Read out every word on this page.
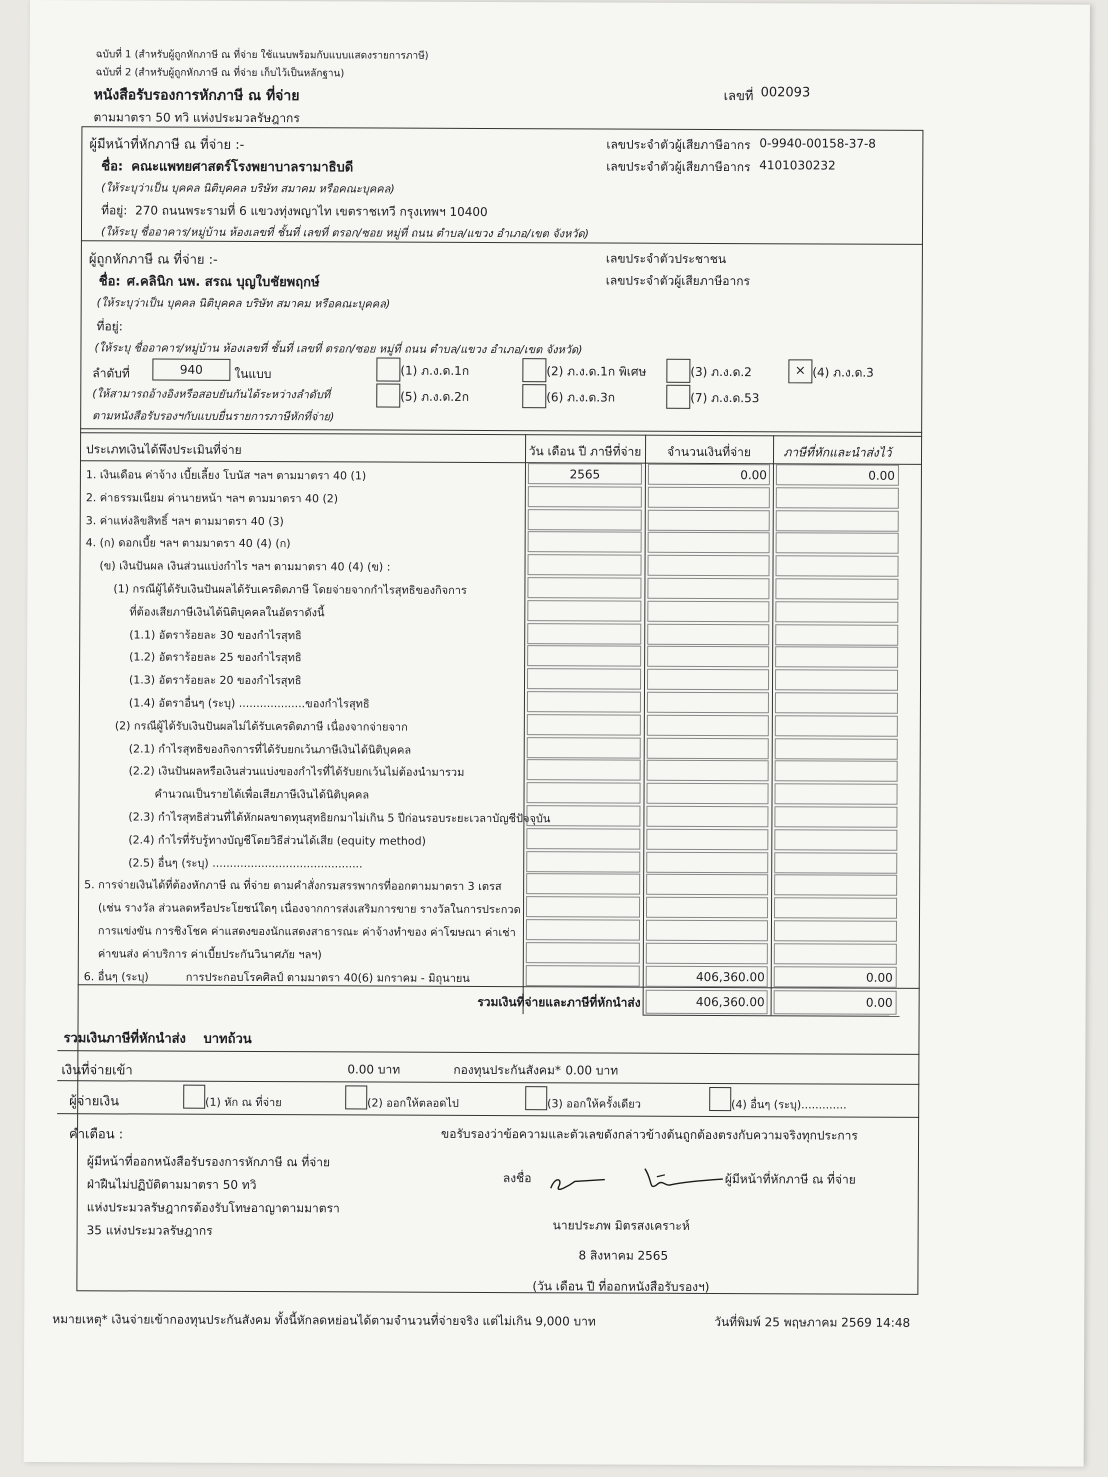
ฉบับที่ 1 (สำหรับผู้ถูกหักภาษี ณ ที่จ่าย ใช้แนบพร้อมกับแบบแสดงรายการภาษี)
ฉบับที่ 2 (สำหรับผู้ถูกหักภาษี ณ ที่จ่าย เก็บไว้เป็นหลักฐาน)
หนังสือรับรองการหักภาษี ณ ที่จ่าย	เลขที่ 002093
ตามมาตรา 50 ทวิ แห่งประมวลรัษฎากร
ผู้มีหน้าที่หักภาษี ณ ที่จ่าย :-	เลขประจำตัวผู้เสียภาษีอากร 0-9940-00158-37-8
เลขประจำตัวผู้เสียภาษีอากร 4101030232
ชื่อ: คณะแพทยศาสตร์โรงพยาบาลรามาธิบดี
(ให้ระบุว่าเป็น บุคคล นิติบุคคล บริษัท สมาคม หรือคณะบุคคล)
ที่อยู่: 270 ถนนพระรามที่ 6 แขวงทุ่งพญาไท เขตราชเทวี กรุงเทพฯ 10400
(ให้ระบุ ชื่ออาคาร/หมู่บ้าน ห้องเลขที่ ชั้นที่ เลขที่ ตรอก/ซอย หมู่ที่ ถนน ตำบล/แขวง อำเภอ/เขต จังหวัด)
ผู้ถูกหักภาษี ณ ที่จ่าย :-	เลขประจำตัวประชาชน
เลขประจำตัวผู้เสียภาษีอากร
ชื่อ: ศ.คลินิก นพ. สรณ บุญใบชัยพฤกษ์
(ให้ระบุว่าเป็น บุคคล นิติบุคคล บริษัท สมาคม หรือคณะบุคคล)
ที่อยู่:
(ให้ระบุ ชื่ออาคาร/หมู่บ้าน ห้องเลขที่ ชั้นที่ เลขที่ ตรอก/ซอย หมู่ที่ ถนน ตำบล/แขวง อำเภอ/เขต จังหวัด)
ลำดับที่	940	ในแบบ
(ให้สามารถอ้างอิงหรือสอบยันกันได้ระหว่างลำดับที่
ตามหนังสือรับรองฯกับแบบยื่นรายการภาษีหักที่จ่าย)
(1) ภ.ง.ด.1ก	(2) ภ.ง.ด.1ก พิเศษ	(3) ภ.ง.ด.2	× (4) ภ.ง.ด.3
(5) ภ.ง.ด.2ก	(6) ภ.ง.ด.3ก	(7) ภ.ง.ด.53
ประเภทเงินได้พึงประเมินที่จ่าย	วัน เดือน ปี ภาษีที่จ่าย	จำนวนเงินที่จ่าย	ภาษีที่หักและนำส่งไว้
1. เงินเดือน ค่าจ้าง เบี้ยเลี้ยง โบนัส ฯลฯ ตามมาตรา 40 (1)	2565	0.00	0.00
2. ค่าธรรมเนียม ค่านายหน้า ฯลฯ ตามมาตรา 40 (2)
3. ค่าแห่งลิขสิทธิ์ ฯลฯ ตามมาตรา 40 (3)
4. (ก) ดอกเบี้ย ฯลฯ ตามมาตรา 40 (4) (ก)
(ข) เงินปันผล เงินส่วนแบ่งกำไร ฯลฯ ตามมาตรา 40 (4) (ข) :
(1) กรณีผู้ได้รับเงินปันผลได้รับเครดิตภาษี โดยจ่ายจากกำไรสุทธิของกิจการ
ที่ต้องเสียภาษีเงินได้นิติบุคคลในอัตราดังนี้
(1.1) อัตราร้อยละ 30 ของกำไรสุทธิ
(1.2) อัตราร้อยละ 25 ของกำไรสุทธิ
(1.3) อัตราร้อยละ 20 ของกำไรสุทธิ
(1.4) อัตราอื่นๆ (ระบุ) ...................ของกำไรสุทธิ
(2) กรณีผู้ได้รับเงินปันผลไม่ได้รับเครดิตภาษี เนื่องจากจ่ายจาก
(2.1) กำไรสุทธิของกิจการที่ได้รับยกเว้นภาษีเงินได้นิติบุคคล
(2.2) เงินปันผลหรือเงินส่วนแบ่งของกำไรที่ได้รับยกเว้นไม่ต้องนำมารวม
คำนวณเป็นรายได้เพื่อเสียภาษีเงินได้นิติบุคคล
(2.3) กำไรสุทธิส่วนที่ได้หักผลขาดทุนสุทธิยกมาไม่เกิน 5 ปีก่อนรอบระยะเวลาบัญชีปัจจุบัน
(2.4) กำไรที่รับรู้ทางบัญชีโดยวิธีส่วนได้เสีย (equity method)
(2.5) อื่นๆ (ระบุ) ...........................................
5. การจ่ายเงินได้ที่ต้องหักภาษี ณ ที่จ่าย ตามคำสั่งกรมสรรพากรที่ออกตามมาตรา 3 เตรส
(เช่น รางวัล ส่วนลดหรือประโยชน์ใดๆ เนื่องจากการส่งเสริมการขาย รางวัลในการประกวด
การแข่งขัน การชิงโชค ค่าแสดงของนักแสดงสาธารณะ ค่าจ้างทำของ ค่าโฆษณา ค่าเช่า
ค่าขนส่ง ค่าบริการ ค่าเบี้ยประกันวินาศภัย ฯลฯ)
6. อื่นๆ (ระบุ)	การประกอบโรคศิลป์ ตามมาตรา 40(6) มกราคม - มิถุนายน	406,360.00	0.00
รวมเงินที่จ่ายและภาษีที่หักนำส่ง	406,360.00	0.00
รวมเงินภาษีที่หักนำส่ง บาทถ้วน
เงินที่จ่ายเข้า	0.00 บาท	กองทุนประกันสังคม* 0.00 บาท
ผู้จ่ายเงิน	(1) หัก ณ ที่จ่าย	(2) ออกให้ตลอดไป	(3) ออกให้ครั้งเดียว	(4) อื่นๆ (ระบุ).............
คำเตือน :
ผู้มีหน้าที่ออกหนังสือรับรองการหักภาษี ณ ที่จ่าย
ฝ่าฝืนไม่ปฏิบัติตามมาตรา 50 ทวิ
แห่งประมวลรัษฎากรต้องรับโทษอาญาตามมาตรา
35 แห่งประมวลรัษฎากร
ขอรับรองว่าข้อความและตัวเลขดังกล่าวข้างต้นถูกต้องตรงกับความจริงทุกประการ
ลงชื่อ	ผู้มีหน้าที่หักภาษี ณ ที่จ่าย
นายประภพ มิตรสงเคราะห์
8 สิงหาคม 2565
(วัน เดือน ปี ที่ออกหนังสือรับรองฯ)
หมายเหตุ* เงินจ่ายเข้ากองทุนประกันสังคม ทั้งนี้หักลดหย่อนได้ตามจำนวนที่จ่ายจริง แต่ไม่เกิน 9,000 บาท	วันที่พิมพ์ 25 พฤษภาคม 2569 14:48
